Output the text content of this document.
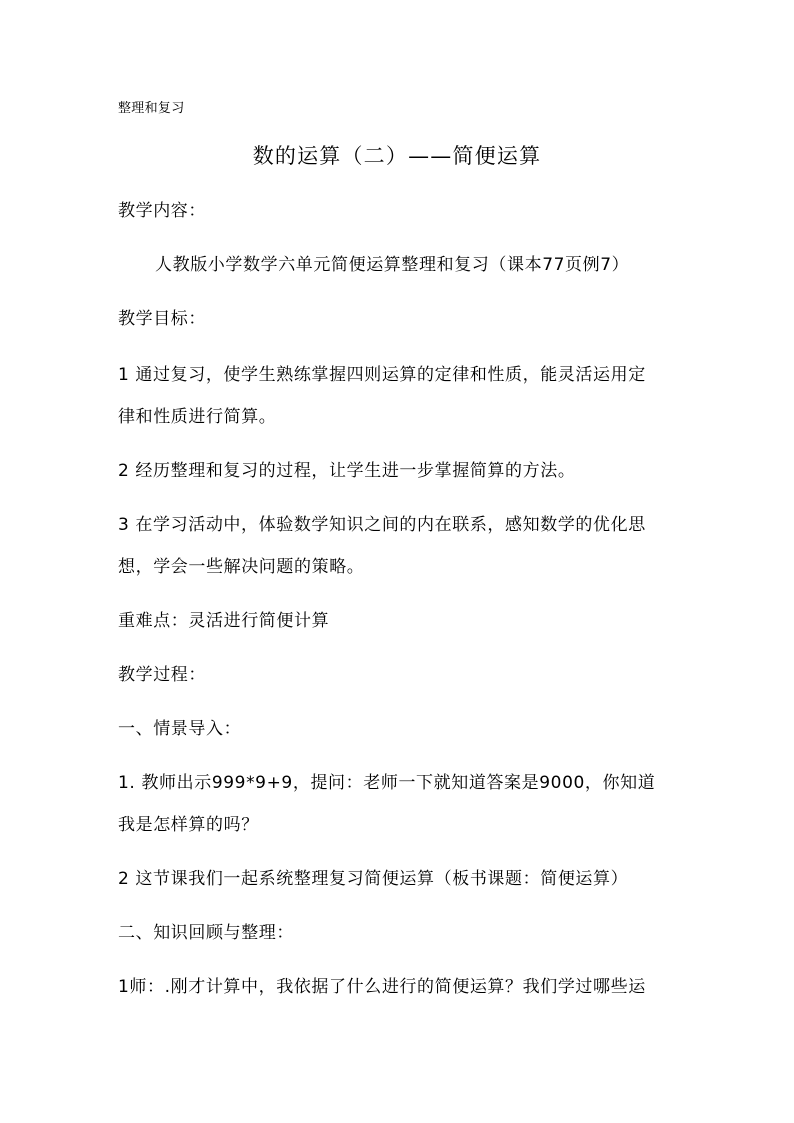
整理和复习
数的运算（二）——简便运算
教学内容：
人教版小学数学六单元简便运算整理和复习（课本77页例7）
教学目标：
1 通过复习，使学生熟练掌握四则运算的定律和性质，能灵活运用定
律和性质进行简算。
2 经历整理和复习的过程，让学生进一步掌握简算的方法。
3 在学习活动中，体验数学知识之间的内在联系，感知数学的优化思
想，学会一些解决问题的策略。
重难点：灵活进行简便计算
教学过程：
一、情景导入：
1. 教师出示999*9+9，提问：老师一下就知道答案是9000，你知道
我是怎样算的吗？
2 这节课我们一起系统整理复习简便运算（板书课题：简便运算）
二、知识回顾与整理：
1师：.刚才计算中，我依据了什么进行的简便运算？我们学过哪些运
